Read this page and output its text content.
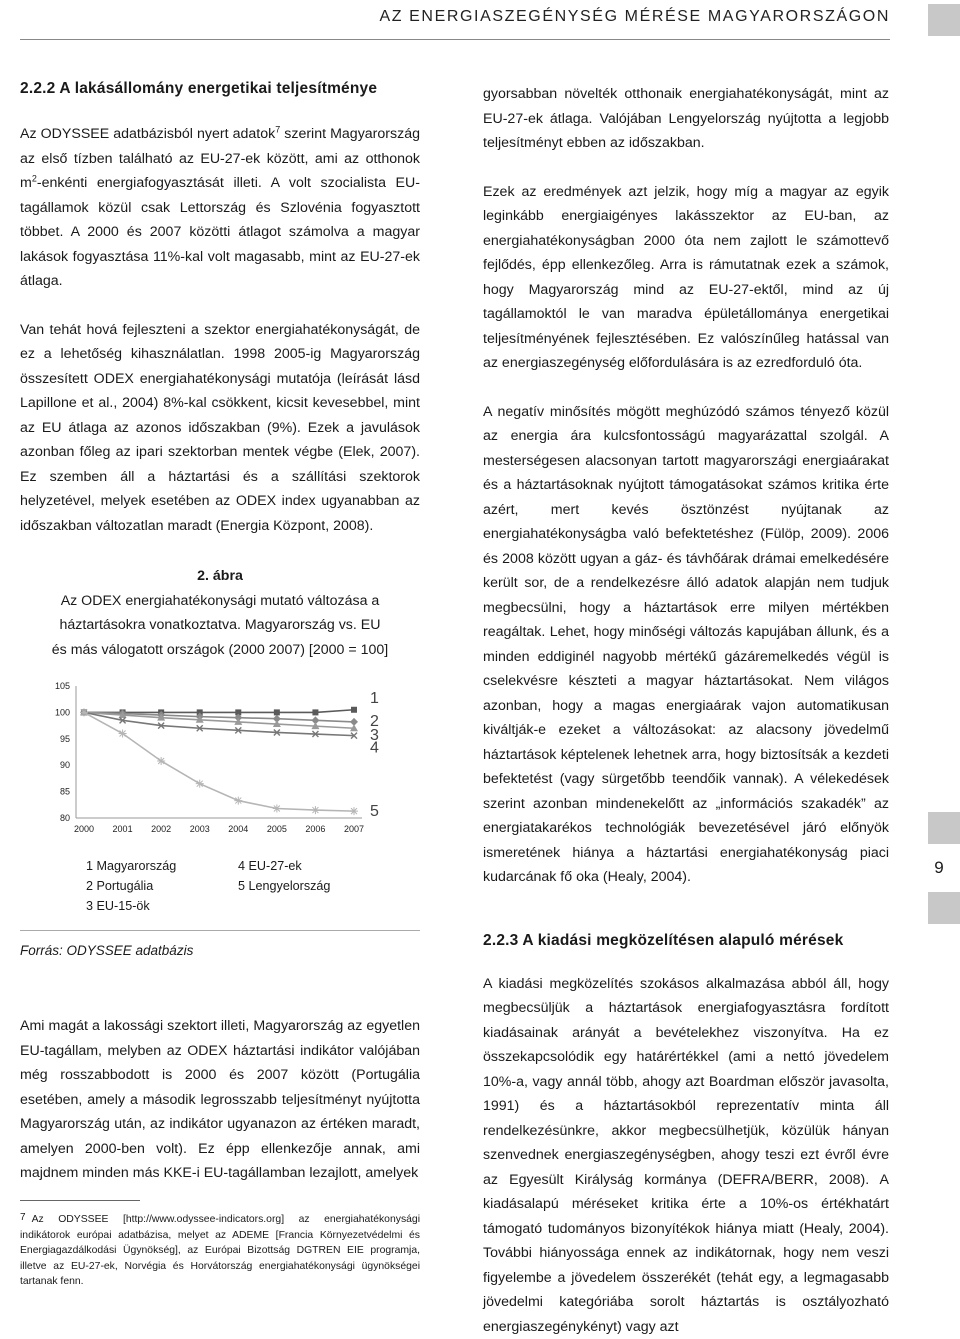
AZ ENERGIASZEGÉNYSÉG MÉRÉSE MAGYARORSZÁGON
9
2.2.2 A lakásállomány energetikai teljesítménye

Az ODYSSEE adatbázisból nyert adatok$^7$ szerint Magyarország az első tízben található az EU-27-ek között, ami az otthonok $m^2$-enkénti energiafogyasztását illeti. A volt szocialista EU-tagállamok közül csak Lettország és Szlovénia fogyasztott többet. A 2000 és 2007 közötti átlagot számolva a magyar lakások fogyasztása 11%-kal volt magasabb, mint az EU-27-ek átlaga.

Van tehát hová fejleszteni a szektor energiahatékonyságát, de ez a lehetőség kihasználatlan. 1998 2005-ig Magyarország összesített ODEX energiahatékonysági mutatója (leírását lásd Lapillone et al., 2004) 8%-kal csökkent, kicsit kevesebbel, mint az EU átlaga az azonos időszakban (9%). Ezek a javulások azonban főleg az ipari szektorban mentek végbe (Elek, 2007). Ez szemben áll a háztartási és a szállítási szektorok helyzetével, melyek esetében az ODEX index ugyanabban az időszakban változatlan maradt (Energia Központ, 2008).

2. ábra
Az ODEX energiahatékonysági mutató változása a
háztartásokra vonatkoztatva. Magyarország vs. EU
és más válogatott országok (2000 2007) [2000 = 100]
80
85
90
95
100
105
2000 2001 2002 2003 2004 2005 2006 2007
1
2
3
4
5
1 Magyarország
2 Portugália
3 EU-15-ök
4 EU-27-ek
5 Lengyelország
Forrás: ODYSSEE adatbázis

Ami magát a lakossági szektort illeti, Magyarország az egyetlen EU-tagállam, melyben az ODEX háztartási indikátor valójában még rosszabbodott is 2000 és 2007 között (Portugália esetében, amely a második legrosszabb teljesítményt nyújtotta Magyarország után, az indikátor ugyanazon az értéken maradt, amelyen 2000-ben volt). Ez épp ellenkezője annak, ami majdnem minden más KKE-i EU-tagállamban lezajlott, amelyek

7 Az ODYSSEE [http://www.odyssee-indicators.org] az energiahatékonysági indikátorok európai adatbázisa, melyet az ADEME [Francia Környezetvédelmi és Energiagazdálkodási Ügynökség], az Európai Bizottság DGTREN EIE programja, illetve az EU-27-ek, Norvégia és Horvátország energiahatékonysági ügynökségei tartanak fenn.

gyorsabban növelték otthonaik energiahatékonyságát, mint az EU-27-ek átlaga. Valójában Lengyelország nyújtotta a legjobb teljesítményt ebben az időszakban.

Ezek az eredmények azt jelzik, hogy míg a magyar az egyik leginkább energiaigényes lakásszektor az EU-ban, az energiahatékonyságban 2000 óta nem zajlott le számottevő fejlődés, épp ellenkezőleg. Arra is rámutatnak ezek a számok, hogy Magyarország mind az EU-27-ektől, mind az új tagállamoktól le van maradva épületállománya energetikai teljesítményének fejlesztésében. Ez valószínűleg hatással van az energiaszegénység előfordulására is az ezredforduló óta.

A negatív minősítés mögött meghúzódó számos tényező közül az energia ára kulcsfontosságú magyarázattal szolgál. A mesterségesen alacsonyan tartott magyarországi energiaárakat és a háztartásoknak nyújtott támogatásokat számos kritika érte azért, mert kevés ösztönzést nyújtanak az energiahatékonyságba való befektetéshez (Fülöp, 2009). 2006 és 2008 között ugyan a gáz- és távhőárak drámai emelkedésére került sor, de a rendelkezésre álló adatok alapján nem tudjuk megbecsülni, hogy a háztartások erre milyen mértékben reagáltak. Lehet, hogy minőségi változás kapujában állunk, és a minden eddiginél nagyobb mértékű gázáremelkedés végül is cselekvésre készteti a magyar háztartásokat. Nem világos azonban, hogy a magas energiaárak vajon automatikusan kiváltják-e ezeket a változásokat: az alacsony jövedelmű háztartások képtelenek lehetnek arra, hogy biztosítsák a kezdeti befektetést (vagy sürgetőbb teendőik vannak). A vélekedések szerint azonban mindenekelőtt az „információs szakadék” az energiatakarékos technológiák bevezetésével járó előnyök ismeretének hiánya a háztartási energiahatékonyság piaci kudarcának fő oka (Healy, 2004).

2.2.3 A kiadási megközelítésen alapuló mérések

A kiadási megközelítés szokásos alkalmazása abból áll, hogy megbecsüljük a háztartások energiafogyasztásra fordított kiadásainak arányát a bevételekhez viszonyítva. Ha ez összekapcsolódik egy határértékkel (ami a nettó jövedelem 10%-a, vagy annál több, ahogy azt Boardman először javasolta, 1991) és a háztartásokból reprezentatív minta áll rendelkezésünkre, akkor megbecsülhetjük, közülük hányan szenvednek energiaszegénységben, ahogy teszi ezt évről évre az Egyesült Királyság kormánya (DEFRA/BERR, 2008). A kiadásalapú méréseket kritika érte a 10%-os értékhatárt támogató tudományos bizonyítékok hiánya miatt (Healy, 2004). További hiányossága ennek az indikátornak, hogy nem veszi figyelembe a jövedelem összerékét (tehát egy, a legmagasabb jövedelmi kategóriába sorolt háztartás is osztályozható energiaszegénykényt) vagy azt
